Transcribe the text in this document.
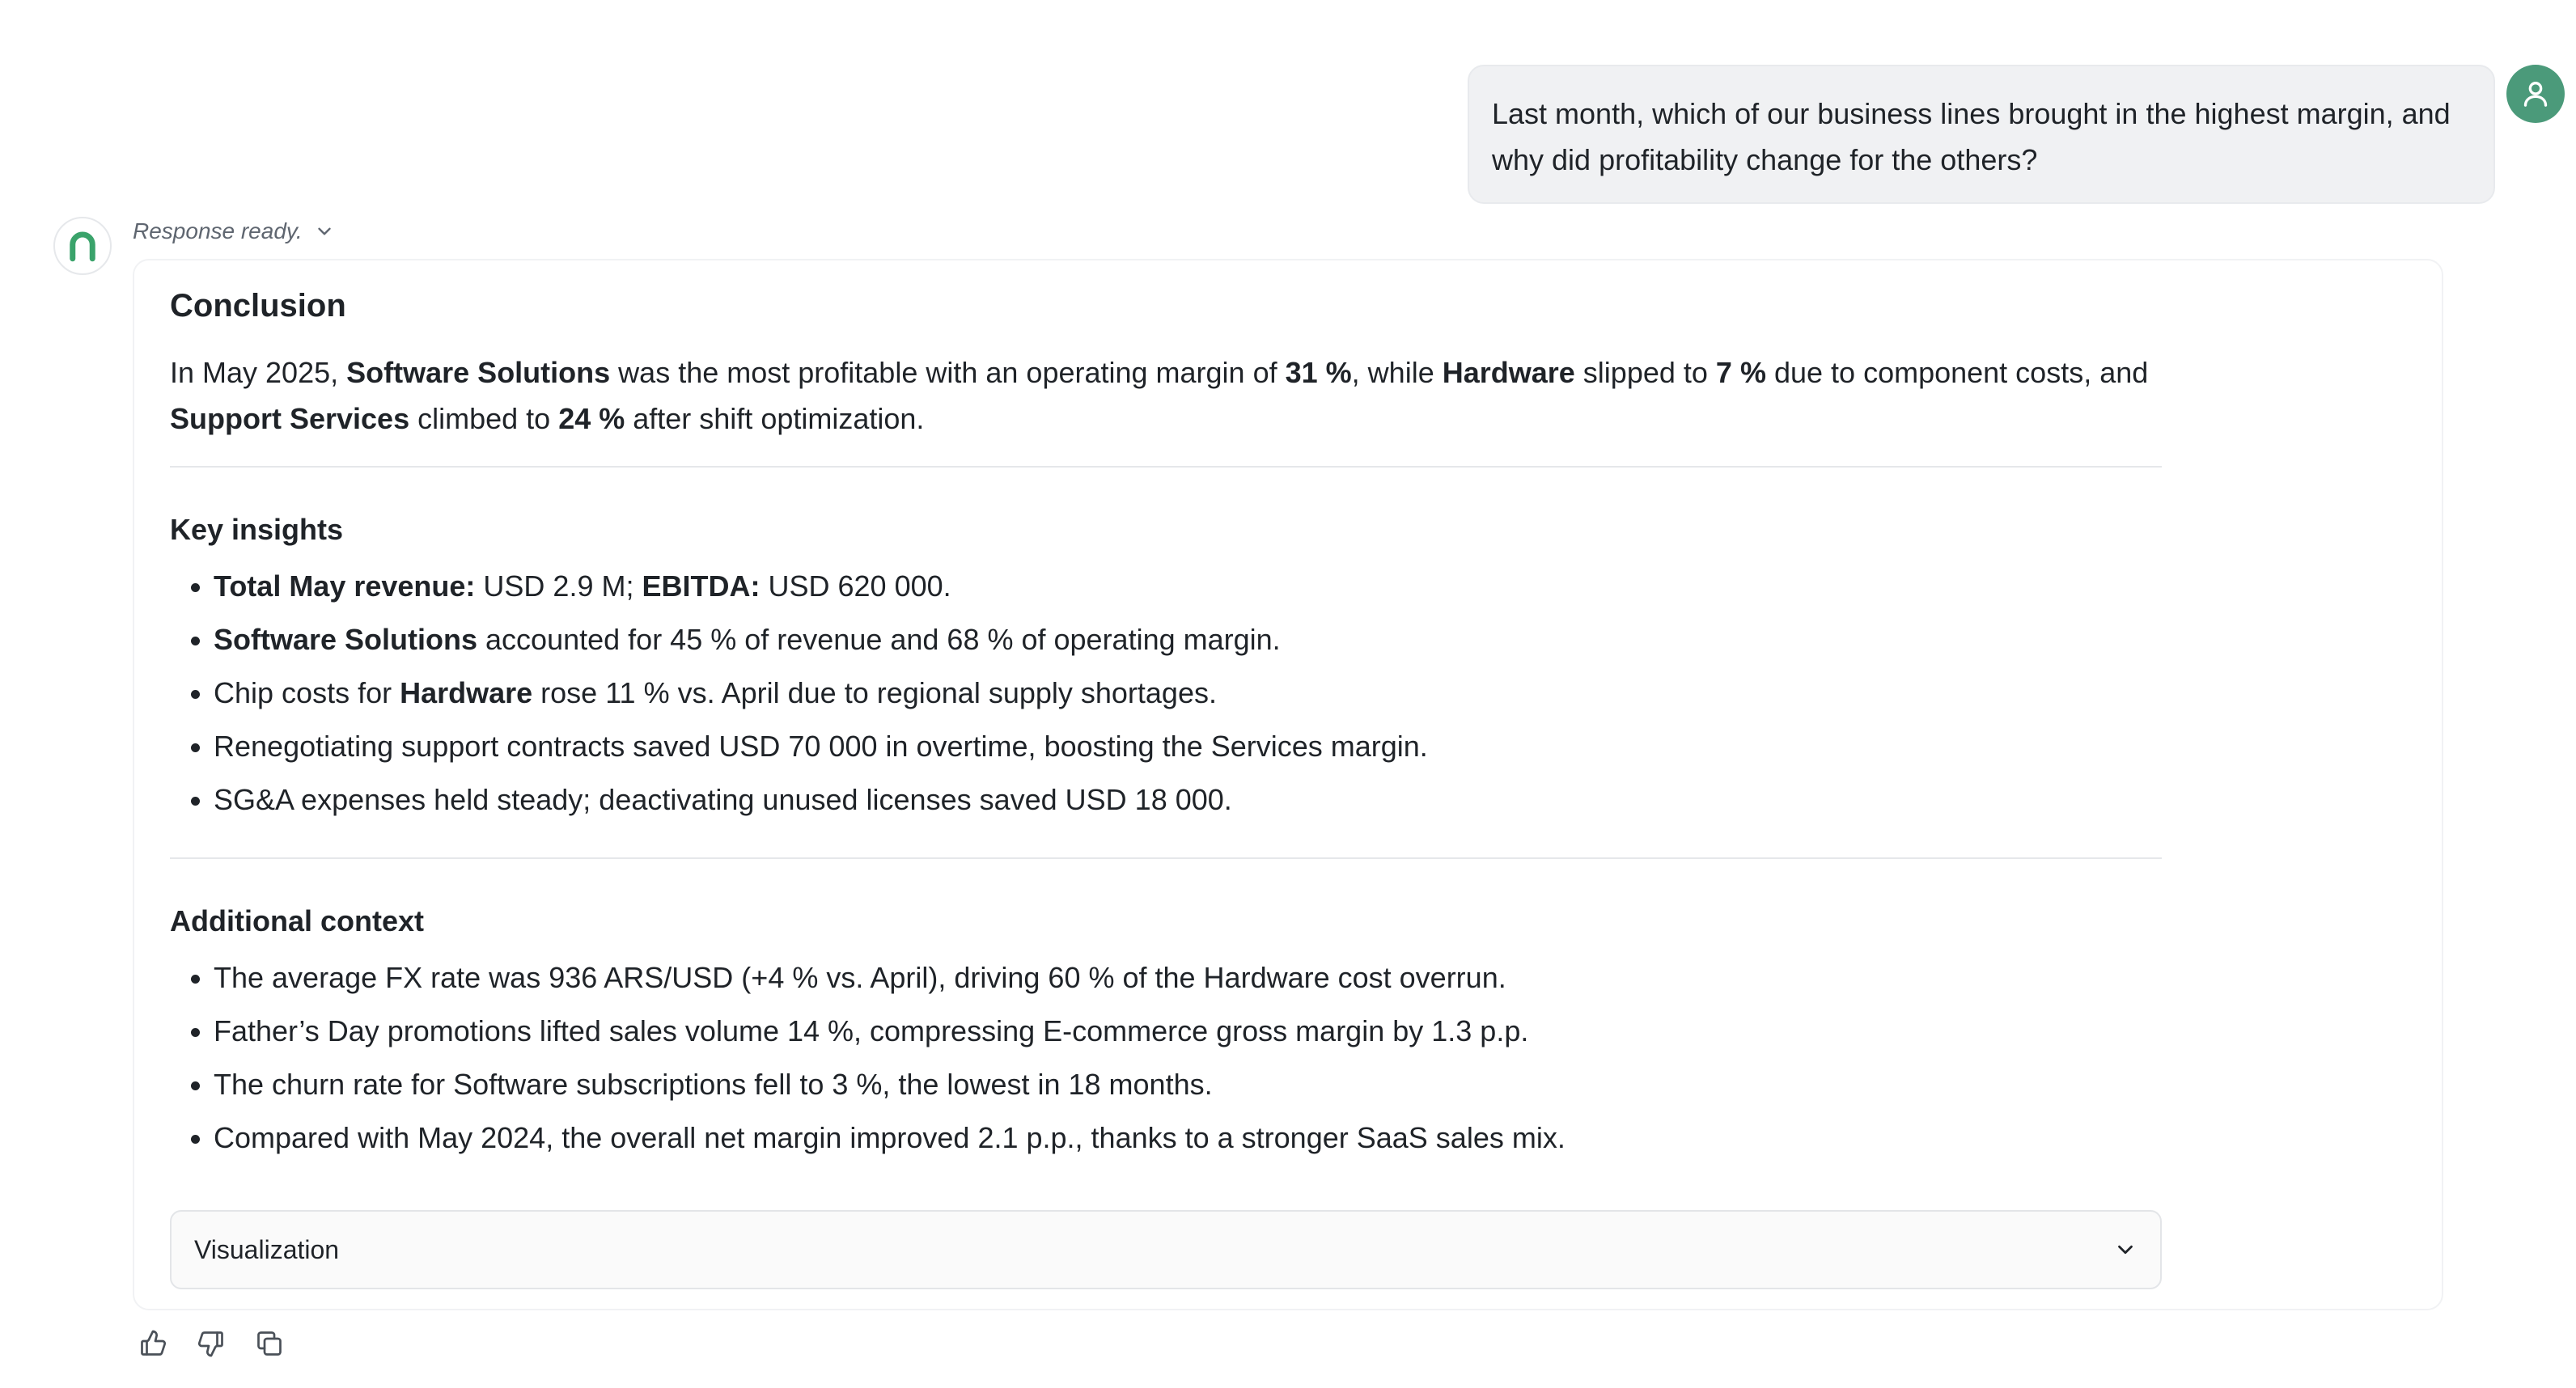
Last month, which of our business lines brought in the highest margin, and why did profitability change for the others?
Response ready.
Conclusion

In May 2025, Software Solutions was the most profitable with an operating margin of 31 %, while Hardware slipped to 7 % due to component costs, and
Support Services climbed to 24 % after shift optimization.

Key insights
Total May revenue: USD 2.9 M; EBITDA: USD 620 000.
Software Solutions accounted for 45 % of revenue and 68 % of operating margin.
Chip costs for Hardware rose 11 % vs. April due to regional supply shortages.
Renegotiating support contracts saved USD 70 000 in overtime, boosting the Services margin.
SG&A expenses held steady; deactivating unused licenses saved USD 18 000.
Additional context
The average FX rate was 936 ARS/USD (+4 % vs. April), driving 60 % of the Hardware cost overrun.
Father’s Day promotions lifted sales volume 14 %, compressing E-commerce gross margin by 1.3 p.p.
The churn rate for Software subscriptions fell to 3 %, the lowest in 18 months.
Compared with May 2024, the overall net margin improved 2.1 p.p., thanks to a stronger SaaS sales mix.
Visualization
